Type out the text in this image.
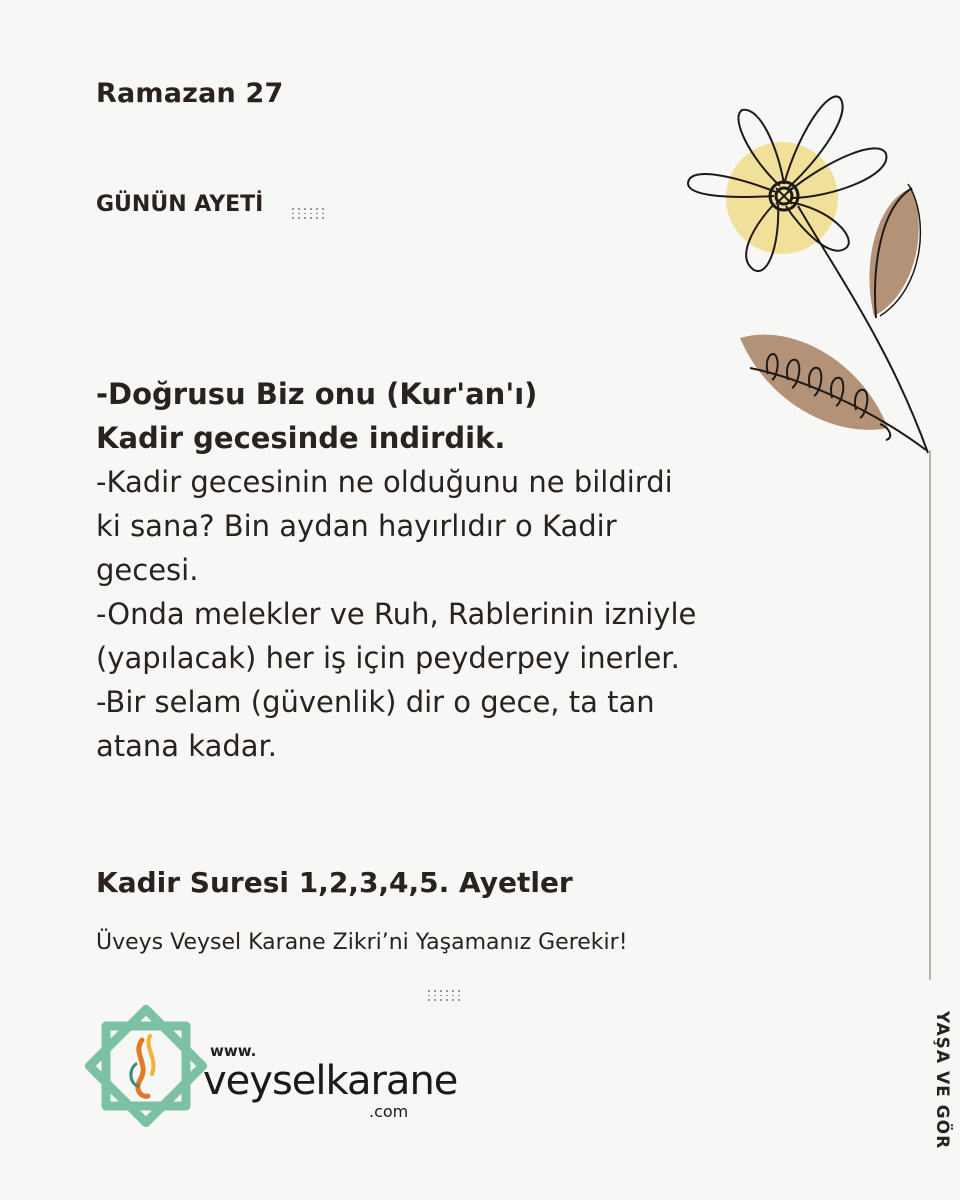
Ramazan 27
GÜNÜN AYETİ
-Doğrusu Biz onu (Kur'an'ı)
Kadir gecesinde indirdik.
-Kadir gecesinin ne olduğunu ne bildirdi
ki sana? Bin aydan hayırlıdır o Kadir
gecesi.
-Onda melekler ve Ruh, Rablerinin izniyle
(yapılacak) her iş için peyderpey inerler.
-Bir selam (güvenlik) dir o gece, ta tan
atana kadar.
Kadir Suresi 1,2,3,4,5. Ayetler
Üveys Veysel Karane Zikri’ni Yaşamanız Gerekir!
YAŞA VE GÖR
www.
veyselkarane
.com
